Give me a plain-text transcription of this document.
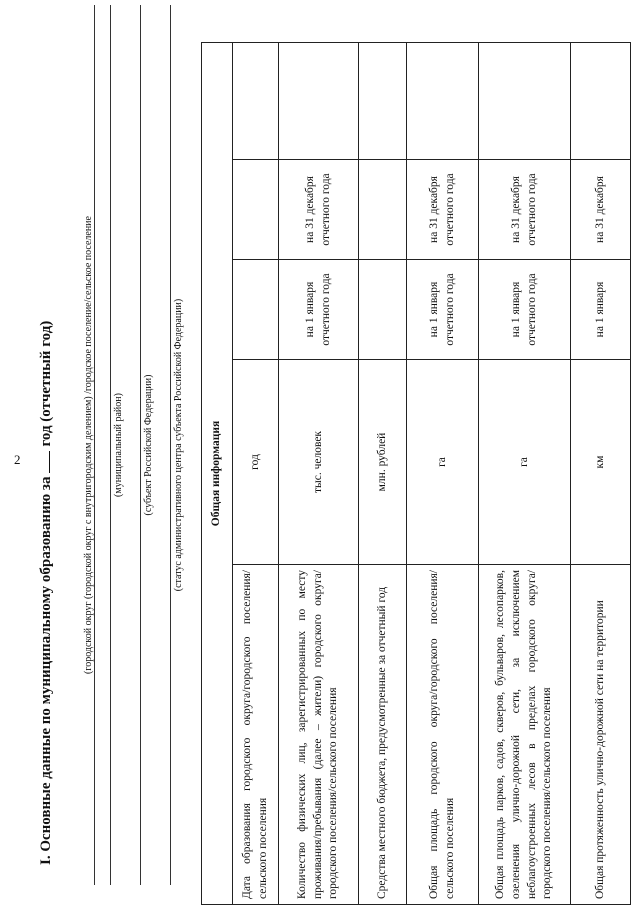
2
I. Основные данные по муниципальному образованию загод (отчетный год)	(городской округ (городской округ с внутригородским делением) /городское поселение/сельское поселение (муниципальный район) (субъект Российской Федерации) (статус административного центра субъекта Российской Федерации) Общая информация				
Дата образования городского округа/городского поселения/сельского поселения	год			
Количество физических лиц, зарегистрированных по месту проживания/пребывания (далее – жители) городского округа/городского поселения/сельского поселения	тыс. человек	на 1 января отчетного года	на 31 декабря отчетного года	
Средства местного бюджета, предусмотренные за отчетный год	млн. рублей			
Общая площадь городского округа/городского поселения/сельского поселения	га	на 1 января отчетного года	на 31 декабря отчетного года	
Общая площадь парков, садов, скверов, бульваров, лесопарков, озеленения улично-дорожной сети, за исключением неблагоустроенных лесов в пределах городского округа/городского поселения/сельского поселения	га	на 1 января отчетного года	на 31 декабря отчетного года	
Общая протяженность улично-дорожной сети на территории	км	на 1 января	на 31 декабря	
